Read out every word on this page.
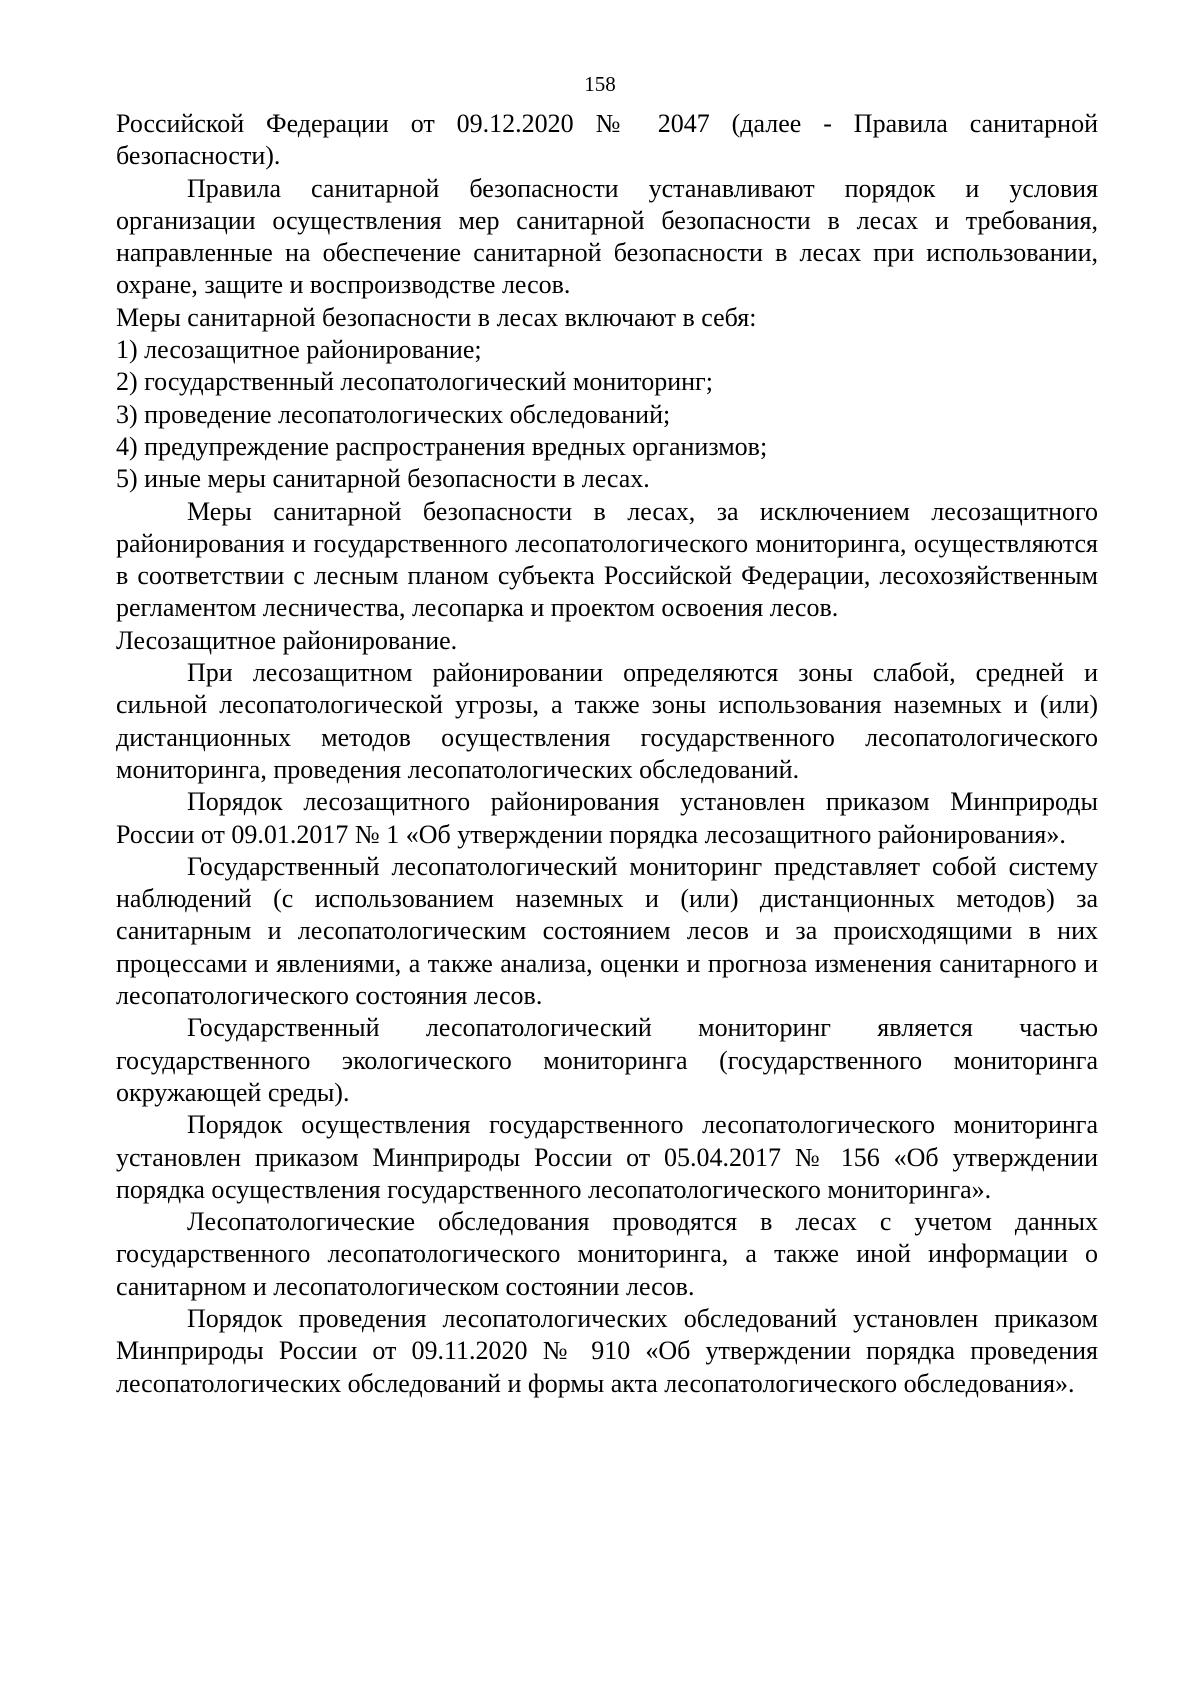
158

Российской Федерации от 09.12.2020 № 2047 (далее - Правила санитарной безопасности).

Правила санитарной безопасности устанавливают порядок и условия организации осуществления мер санитарной безопасности в лесах и требования, направленные на обеспечение санитарной безопасности в лесах при использовании, охране, защите и воспроизводстве лесов.

Меры санитарной безопасности в лесах включают в себя:

1) лесозащитное районирование;

2) государственный лесопатологический мониторинг;

3) проведение лесопатологических обследований;

4) предупреждение распространения вредных организмов;

5) иные меры санитарной безопасности в лесах.

Меры санитарной безопасности в лесах, за исключением лесозащитного районирования и государственного лесопатологического мониторинга, осуществляются в соответствии с лесным планом субъекта Российской Федерации, лесохозяйственным регламентом лесничества, лесопарка и проектом освоения лесов.

Лесозащитное районирование.

При лесозащитном районировании определяются зоны слабой, средней и сильной лесопатологической угрозы, а также зоны использования наземных и (или) дистанционных методов осуществления государственного лесопатологического мониторинга, проведения лесопатологических обследований.

Порядок лесозащитного районирования установлен приказом Минприроды России от 09.01.2017 № 1 «Об утверждении порядка лесозащитного районирования».

Государственный лесопатологический мониторинг представляет собой систему наблюдений (с использованием наземных и (или) дистанционных методов) за санитарным и лесопатологическим состоянием лесов и за происходящими в них процессами и явлениями, а также анализа, оценки и прогноза изменения санитарного и лесопатологического состояния лесов.

Государственный лесопатологический мониторинг является частью государственного экологического мониторинга (государственного мониторинга окружающей среды).

Порядок осуществления государственного лесопатологического мониторинга установлен приказом Минприроды России от 05.04.2017 № 156 «Об утверждении порядка осуществления государственного лесопатологического мониторинга».

Лесопатологические обследования проводятся в лесах с учетом данных государственного лесопатологического мониторинга, а также иной информации о санитарном и лесопатологическом состоянии лесов.

Порядок проведения лесопатологических обследований установлен приказом Минприроды России от 09.11.2020 № 910 «Об утверждении порядка проведения лесопатологических обследований и формы акта лесопатологического обследования».
